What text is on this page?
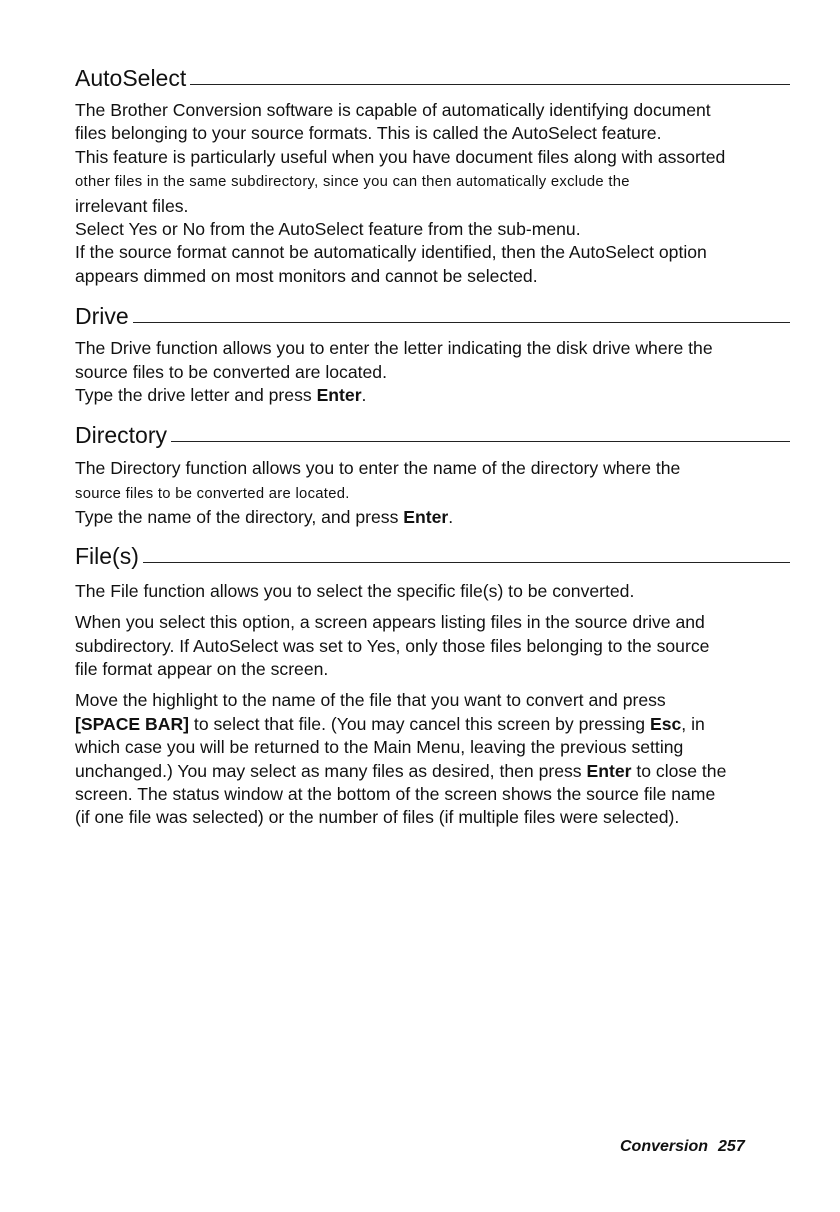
AutoSelect

The Brother Conversion software is capable of automatically identifying document
files belonging to your source formats. This is called the AutoSelect feature.
This feature is particularly useful when you have document files along with assorted
other files in the same subdirectory, since you can then automatically exclude the
irrelevant files.
Select Yes or No from the AutoSelect feature from the sub-menu.
If the source format cannot be automatically identified, then the AutoSelect option
appears dimmed on most monitors and cannot be selected.

Drive

The Drive function allows you to enter the letter indicating the disk drive where the
source files to be converted are located.
Type the drive letter and press Enter.

Directory

The Directory function allows you to enter the name of the directory where the
source files to be converted are located.
Type the name of the directory, and press Enter.

File(s)

The File function allows you to select the specific file(s) to be converted.

When you select this option, a screen appears listing files in the source drive and
subdirectory. If AutoSelect was set to Yes, only those files belonging to the source
file format appear on the screen.

Move the highlight to the name of the file that you want to convert and press
[SPACE BAR] to select that file. (You may cancel this screen by pressing Esc, in
which case you will be returned to the Main Menu, leaving the previous setting
unchanged.) You may select as many files as desired, then press Enter to close the
screen. The status window at the bottom of the screen shows the source file name
(if one file was selected) or the number of files (if multiple files were selected).

Conversion 257
